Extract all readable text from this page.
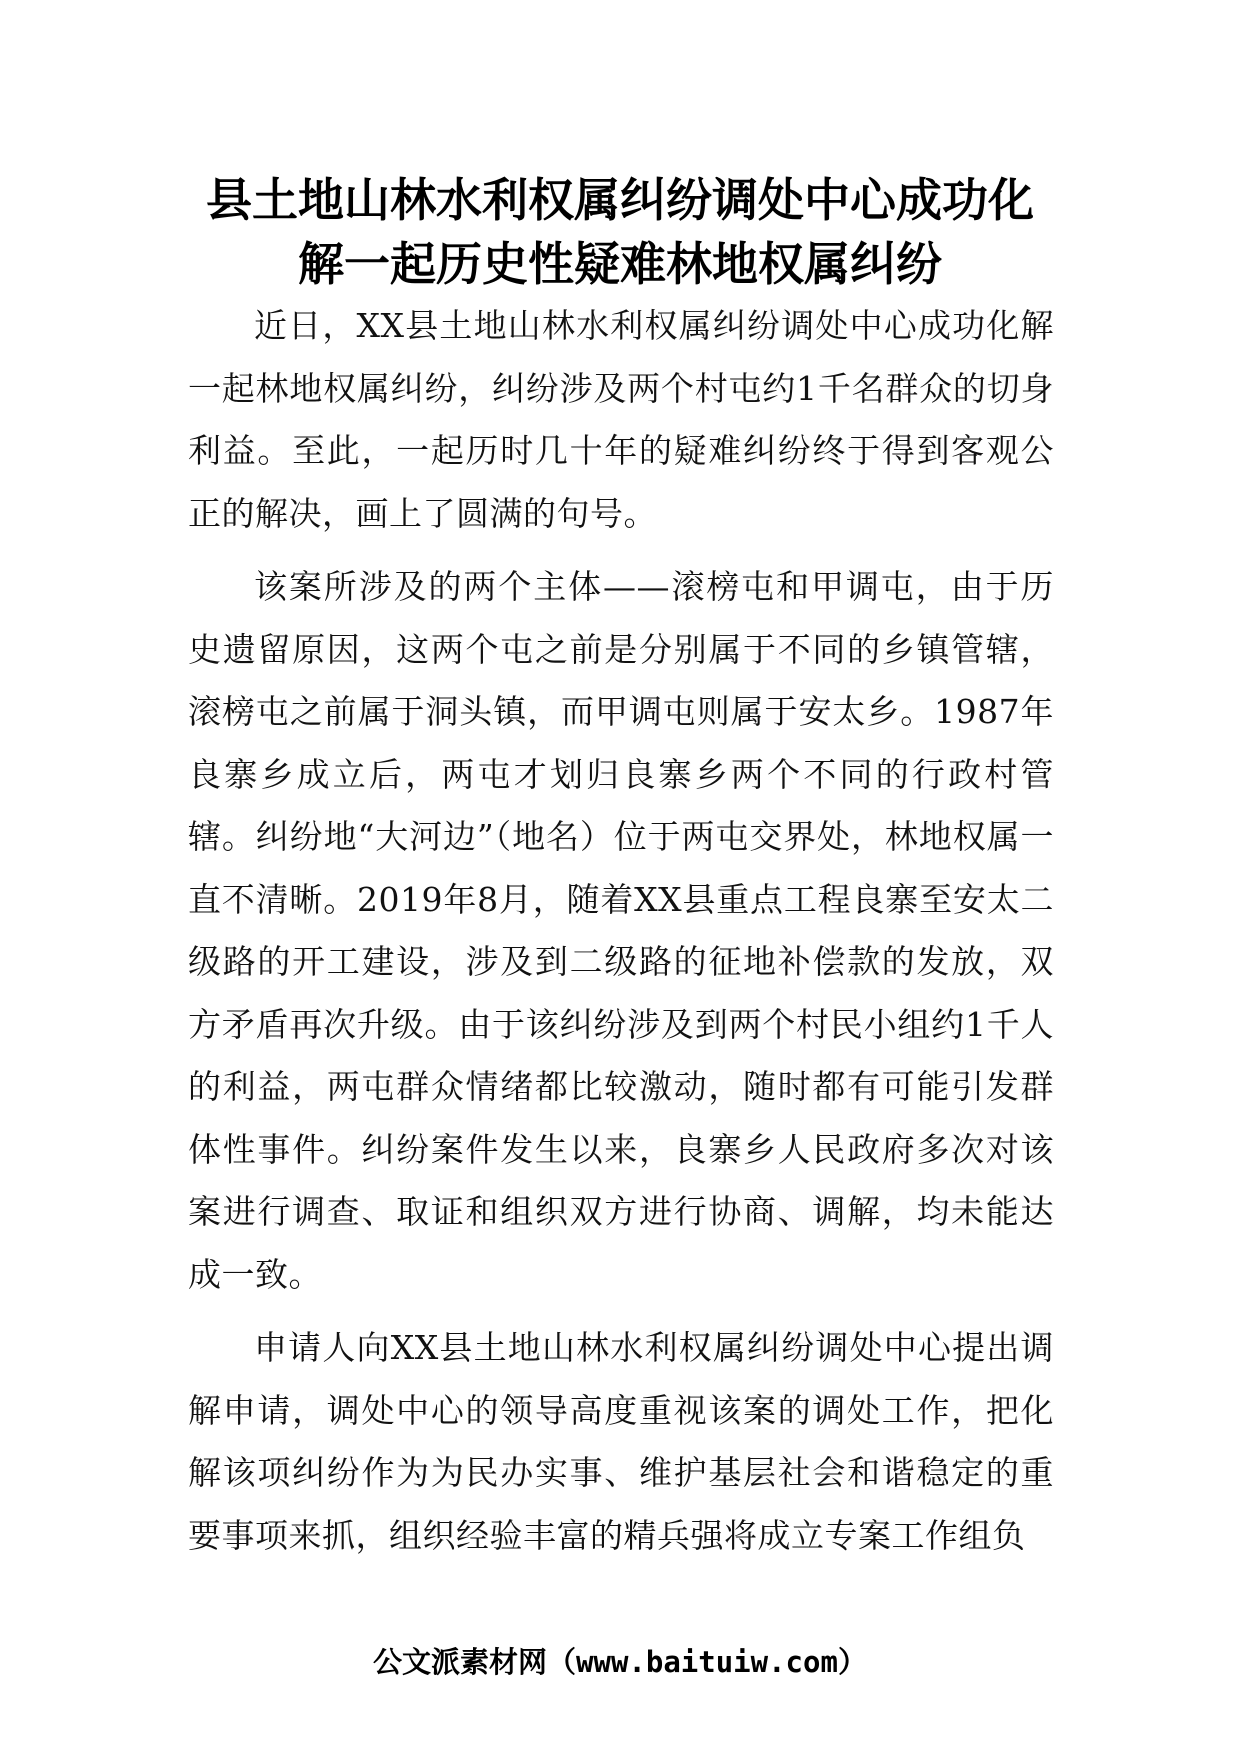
县土地山林水利权属纠纷调处中心成功化
解一起历史性疑难林地权属纠纷

近日，XX县土地山林水利权属纠纷调处中心成功化解一起林地权属纠纷，纠纷涉及两个村屯约1千名群众的切身利益。至此，一起历时几十年的疑难纠纷终于得到客观公正的解决，画上了圆满的句号。

该案所涉及的两个主体——滚榜屯和甲调屯，由于历史遗留原因，这两个屯之前是分别属于不同的乡镇管辖，滚榜屯之前属于洞头镇，而甲调屯则属于安太乡。1987年良寨乡成立后，两屯才划归良寨乡两个不同的行政村管辖。纠纷地“大河边”（地名）位于两屯交界处，林地权属一直不清晰。2019年8月，随着XX县重点工程良寨至安太二级路的开工建设，涉及到二级路的征地补偿款的发放，双方矛盾再次升级。由于该纠纷涉及到两个村民小组约1千人的利益，两屯群众情绪都比较激动，随时都有可能引发群体性事件。纠纷案件发生以来，良寨乡人民政府多次对该案进行调查、取证和组织双方进行协商、调解，均未能达成一致。

申请人向XX县土地山林水利权属纠纷调处中心提出调解申请，调处中心的领导高度重视该案的调处工作，把化解该项纠纷作为为民办实事、维护基层社会和谐稳定的重要事项来抓，组织经验丰富的精兵强将成立专案工作组负

公文派素材网（www.baituiw.com）
